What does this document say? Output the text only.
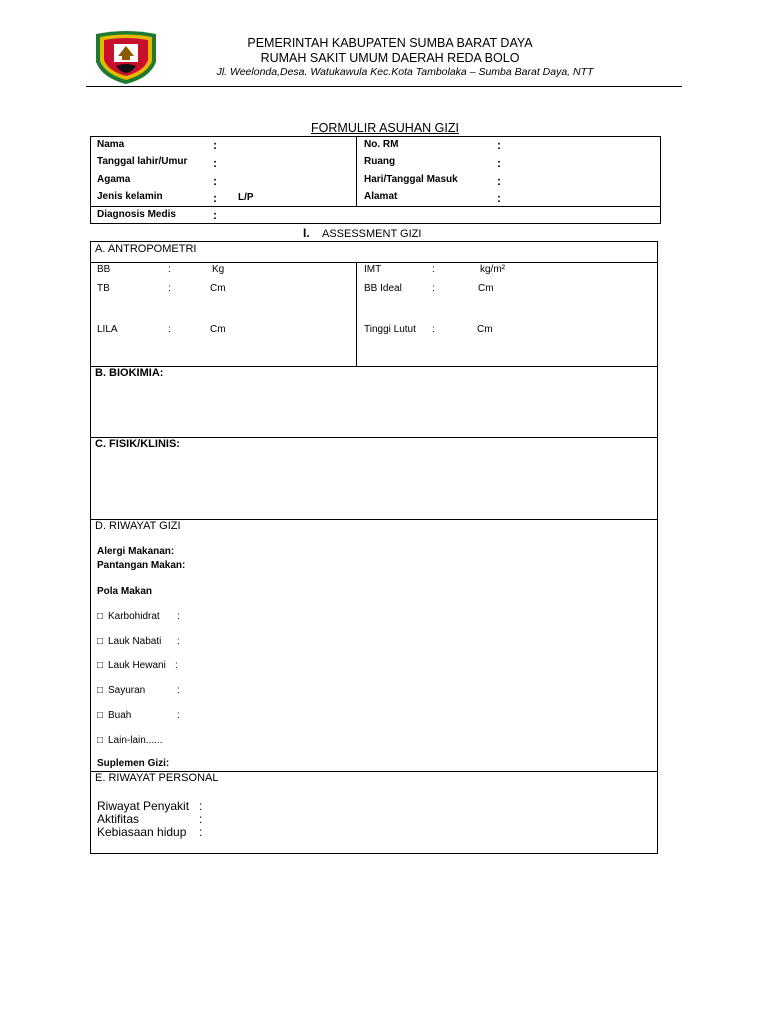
PEMERINTAH KABUPATEN SUMBA BARAT DAYA
RUMAH SAKIT UMUM DAERAH REDA BOLO
Jl. Weelonda,Desa. Watukawula Kec.Kota Tambolaka – Sumba Barat Daya, NTT
FORMULIR ASUHAN GIZI
Nama	:
Tanggal lahir/Umur :
Agama	:
Jenis kelamin	: L/P
Diagnosis Medis	:
No. RM	:
Ruang	:
Hari/Tanggal Masuk	:
Alamat	:
I. ASSESSMENT GIZI
A. ANTROPOMETRI
BB	:	Kg
TB	:	Cm
LILA	:	Cm
IMT	:	kg/m²
BB Ideal	:	Cm
Tinggi Lutut :	Cm
B. BIOKIMIA:
C. FISIK/KLINIS:
D. RIWAYAT GIZI
Alergi Makanan:
Pantangan Makan:
Pola Makan
□ Karbohidrat :
□ Lauk Nabati :
□ Lauk Hewani :
□ Sayuran	:
□ Buah	:
□ Lain-lain......
Suplemen Gizi:
E. RIWAYAT PERSONAL
Riwayat Penyakit :
Aktifitas	:
Kebiasaan hidup :
